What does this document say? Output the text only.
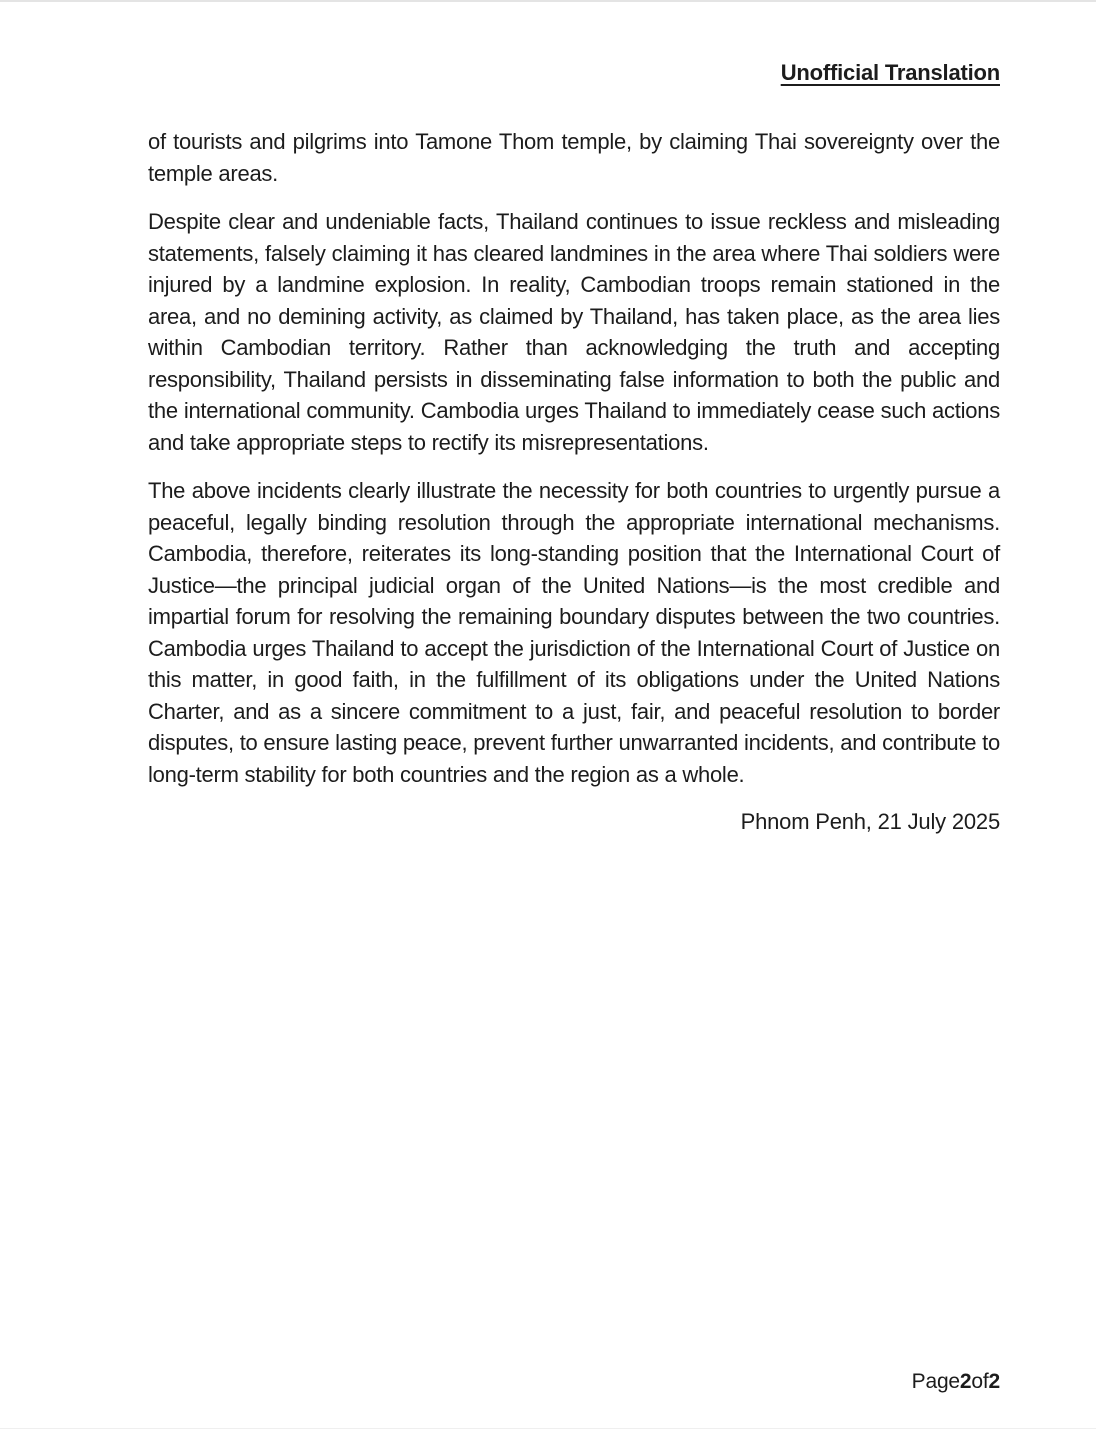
Unofficial Translation

of tourists and pilgrims into Tamone Thom temple, by claiming Thai sovereignty over the temple areas.

Despite clear and undeniable facts, Thailand continues to issue reckless and misleading statements, falsely claiming it has cleared landmines in the area where Thai soldiers were injured by a landmine explosion. In reality, Cambodian troops remain stationed in the area, and no demining activity, as claimed by Thailand, has taken place, as the area lies within Cambodian territory. Rather than acknowledging the truth and accepting responsibility, Thailand persists in disseminating false information to both the public and the international community. Cambodia urges Thailand to immediately cease such actions and take appropriate steps to rectify its misrepresentations.

The above incidents clearly illustrate the necessity for both countries to urgently pursue a peaceful, legally binding resolution through the appropriate international mechanisms. Cambodia, therefore, reiterates its long-standing position that the International Court of Justice—the principal judicial organ of the United Nations—is the most credible and impartial forum for resolving the remaining boundary disputes between the two countries. Cambodia urges Thailand to accept the jurisdiction of the International Court of Justice on this matter, in good faith, in the fulfillment of its obligations under the United Nations Charter, and as a sincere commitment to a just, fair, and peaceful resolution to border disputes, to ensure lasting peace, prevent further unwarranted incidents, and contribute to long-term stability for both countries and the region as a whole.

Phnom Penh, 21 July 2025
Page2of2
